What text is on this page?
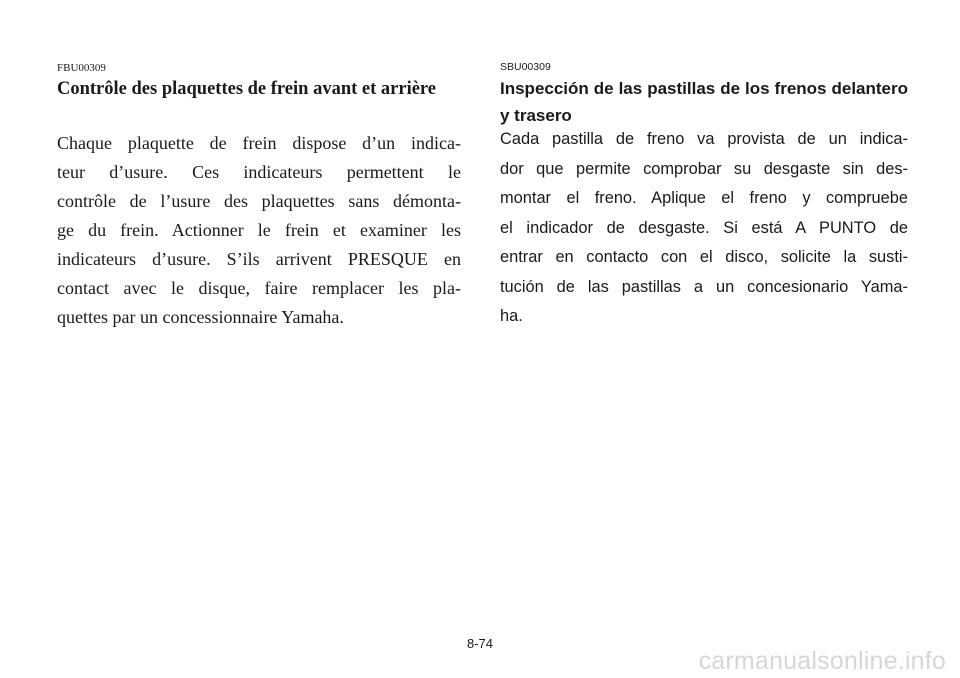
FBU00309

Contrôle des plaquettes de frein avant et arrière
Chaque plaquette de frein dispose d’un indica-
teur d’usure. Ces indicateurs permettent le
contrôle de l’usure des plaquettes sans démonta-
ge du frein. Actionner le frein et examiner les
indicateurs d’usure. S’ils arrivent PRESQUE en
contact avec le disque, faire remplacer les pla-
quettes par un concessionnaire Yamaha.

SBU00309

Inspección de las pastillas de los frenos delantero y trasero
Cada pastilla de freno va provista de un indica-
dor que permite comprobar su desgaste sin des-
montar el freno. Aplique el freno y compruebe
el indicador de desgaste. Si está A PUNTO de
entrar en contacto con el disco, solicite la susti-
tución de las pastillas a un concesionario Yama-
ha.

8-74

carmanualsonline.info
